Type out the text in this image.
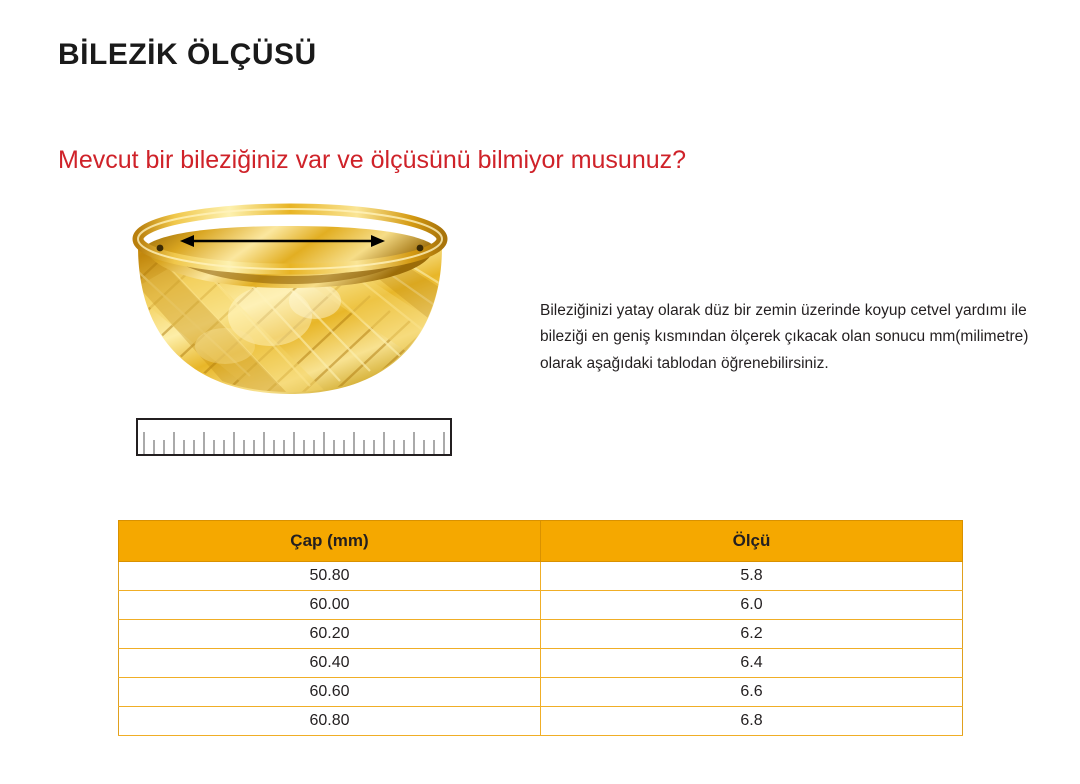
BİLEZİK ÖLÇÜSÜ
Mevcut bir bileziğiniz var ve ölçüsünü bilmiyor musunuz?

Bileziğinizi yatay olarak düz bir zemin üzerinde koyup cetvel yardımı ile bileziği en geniş kısmından ölçerek çıkacak olan sonucu mm(milimetre) olarak aşağıdaki tablodan öğrenebilirsiniz.

Çap (mm)	Ölçü
50.80	5.8
60.00	6.0
60.20	6.2
60.40	6.4
60.60	6.6
60.80	6.8
